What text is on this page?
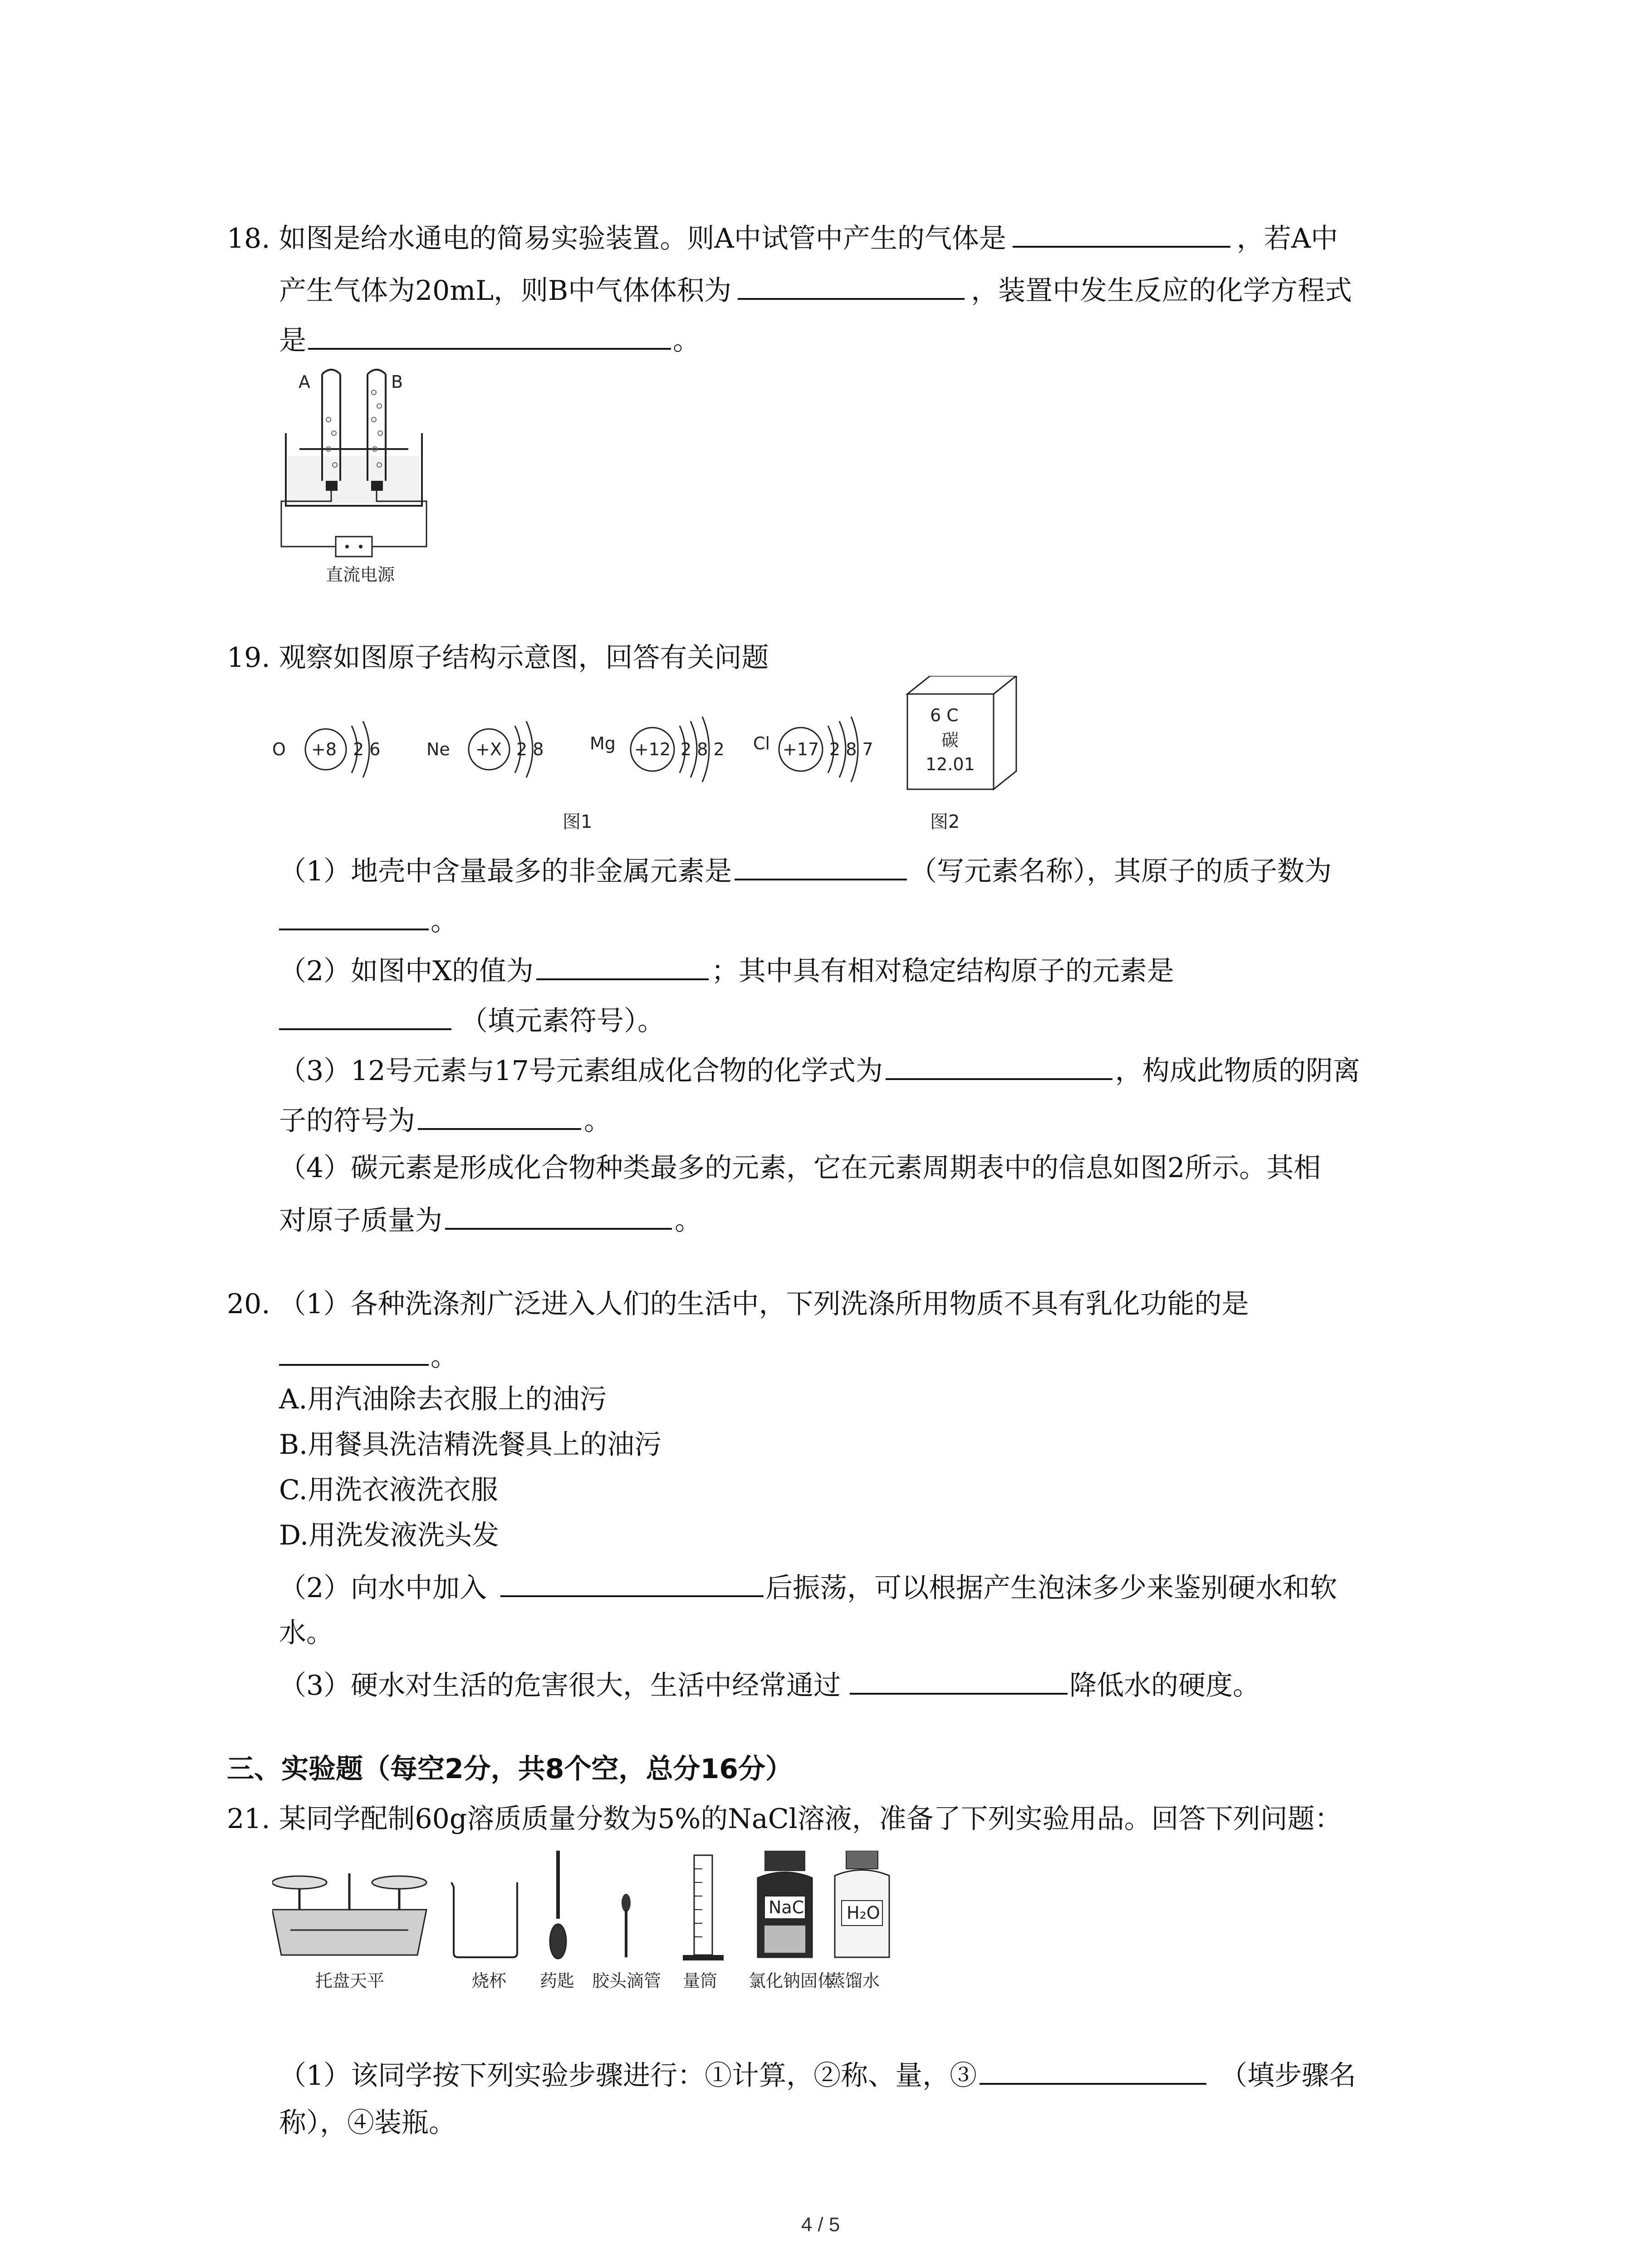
18. 如图是给水通电的简易实验装置。则A中试管中产生的气体是	，若A中
产生气体为20mL，则B中气体体积为	，装置中发生反应的化学方程式
是	。
A	B
直流电源
19. 观察如图原子结构示意图，回答有关问题
O +8 2 6	Ne +X 2 8	Mg +12 2 8 2 Cl +17 2 8 7
图1
6 C
碳
12.01
图2
（1）地壳中含量最多的非金属元素是	（写元素名称），其原子的质子数为
。
（2）如图中X的值为	；其中具有相对稳定结构原子的元素是
（填元素符号）。
（3）12号元素与17号元素组成化合物的化学式为	，构成此物质的阴离
子的符号为	。
（4）碳元素是形成化合物种类最多的元素，它在元素周期表中的信息如图2所示。其相
对原子质量为	。
20. （1）各种洗涤剂广泛进入人们的生活中，下列洗涤所用物质不具有乳化功能的是
。
A.用汽油除去衣服上的油污
B.用餐具洗洁精洗餐具上的油污
C.用洗衣液洗衣服
D.用洗发液洗头发
（2）向水中加入	后振荡，可以根据产生泡沫多少来鉴别硬水和软
水。
（3）硬水对生活的危害很大，生活中经常通过	降低水的硬度。
三、实验题（每空2分，共8个空，总分16分）
21. 某同学配制60g溶质质量分数为5%的NaCl溶液，准备了下列实验用品。回答下列问题：
托盘天平	烧杯 药匙 胶头滴管 量筒
NaCl
氯化钠固体
H₂O
蒸馏水
（1）该同学按下列实验步骤进行：①计算，②称、量，③	（填步骤名
称），④装瓶。
4 / 5
